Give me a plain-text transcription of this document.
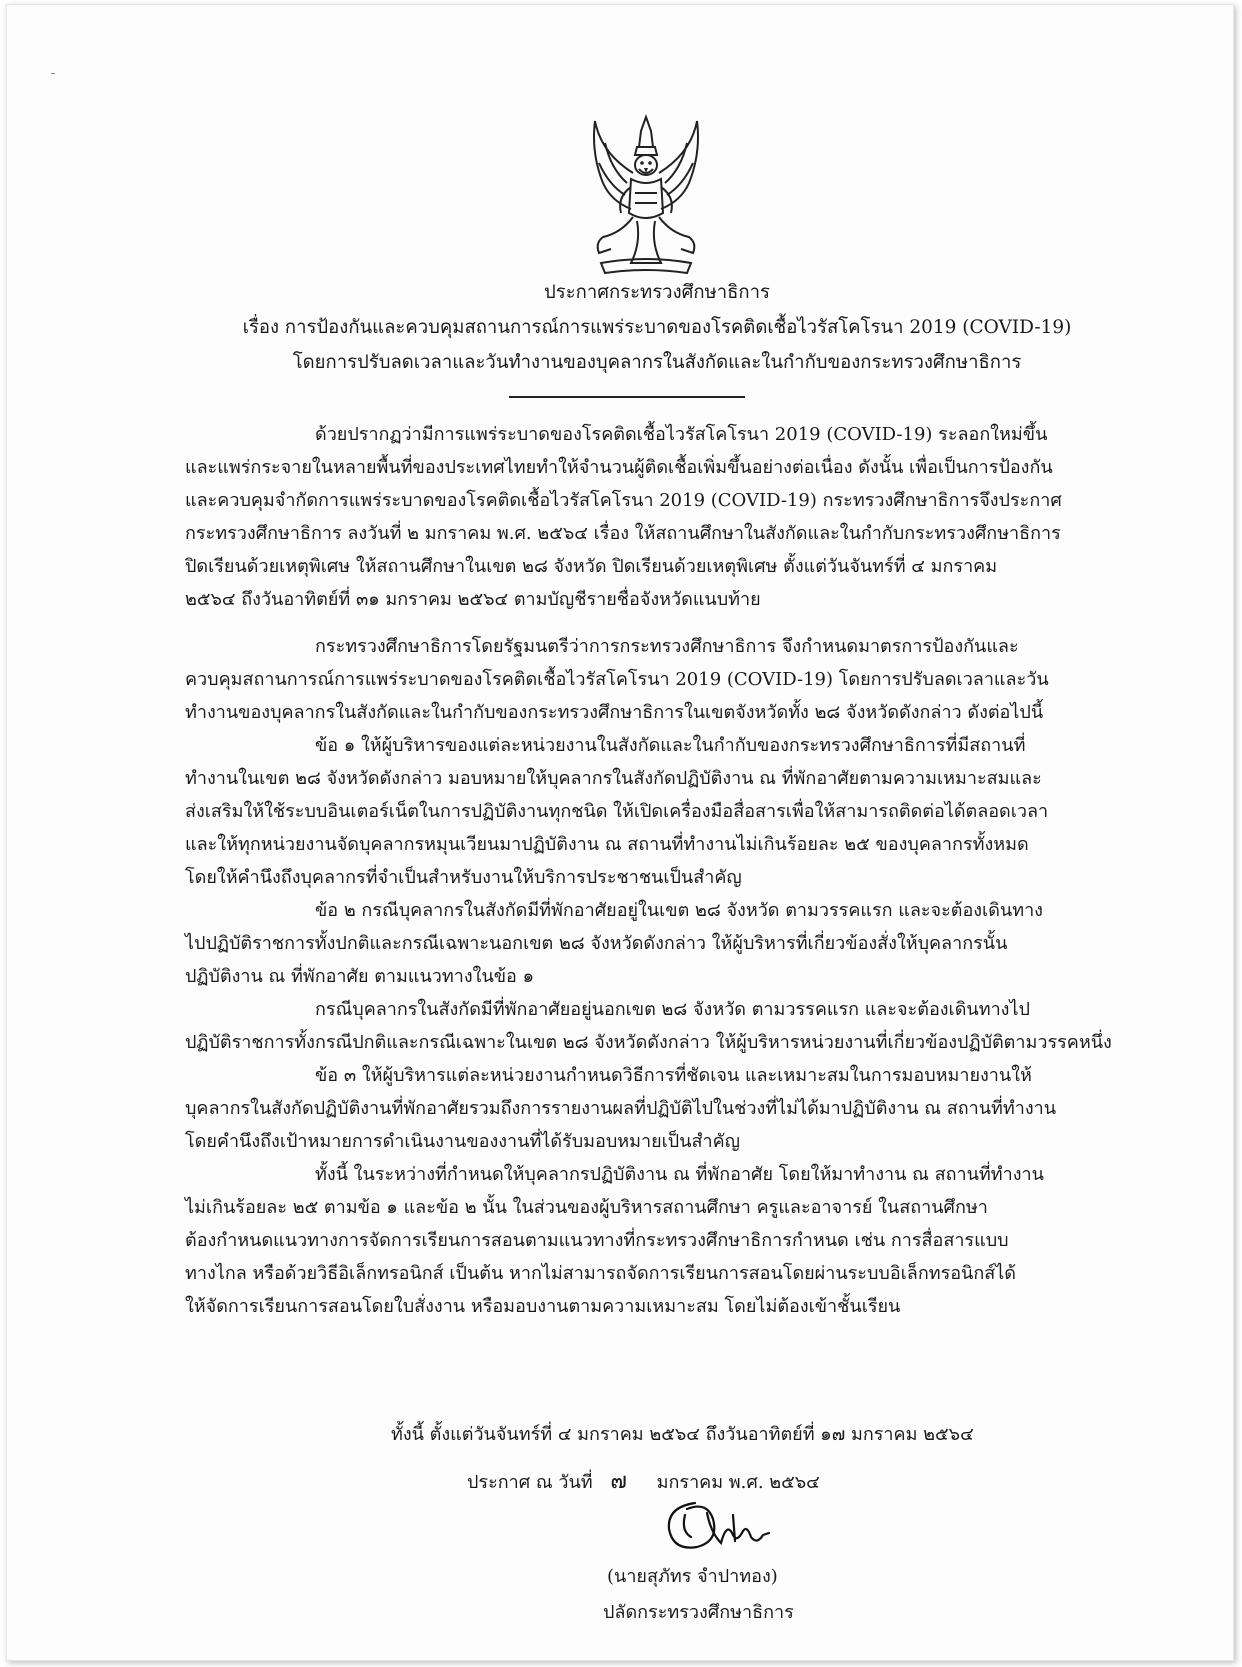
ประกาศกระทรวงศึกษาธิการ
เรื่อง การป้องกันและควบคุมสถานการณ์การแพร่ระบาดของโรคติดเชื้อไวรัสโคโรนา 2019 (COVID-19)
โดยการปรับลดเวลาและวันทำงานของบุคลากรในสังกัดและในกำกับของกระทรวงศึกษาธิการ
ด้วยปรากฏว่ามีการแพร่ระบาดของโรคติดเชื้อไวรัสโคโรนา 2019 (COVID-19) ระลอกใหม่ขึ้น
และแพร่กระจายในหลายพื้นที่ของประเทศไทยทำให้จำนวนผู้ติดเชื้อเพิ่มขึ้นอย่างต่อเนื่อง ดังนั้น เพื่อเป็นการป้องกัน
และควบคุมจำกัดการแพร่ระบาดของโรคติดเชื้อไวรัสโคโรนา 2019 (COVID-19) กระทรวงศึกษาธิการจึงประกาศ
กระทรวงศึกษาธิการ ลงวันที่ ๒ มกราคม พ.ศ. ๒๕๖๔ เรื่อง ให้สถานศึกษาในสังกัดและในกำกับกระทรวงศึกษาธิการ
ปิดเรียนด้วยเหตุพิเศษ ให้สถานศึกษาในเขต ๒๘ จังหวัด ปิดเรียนด้วยเหตุพิเศษ ตั้งแต่วันจันทร์ที่ ๔ มกราคม
๒๕๖๔ ถึงวันอาทิตย์ที่ ๓๑ มกราคม ๒๕๖๔ ตามบัญชีรายชื่อจังหวัดแนบท้าย
กระทรวงศึกษาธิการโดยรัฐมนตรีว่าการกระทรวงศึกษาธิการ จึงกำหนดมาตรการป้องกันและ
ควบคุมสถานการณ์การแพร่ระบาดของโรคติดเชื้อไวรัสโคโรนา 2019 (COVID-19) โดยการปรับลดเวลาและวัน
ทำงานของบุคลากรในสังกัดและในกำกับของกระทรวงศึกษาธิการในเขตจังหวัดทั้ง ๒๘ จังหวัดดังกล่าว ดังต่อไปนี้
ข้อ ๑ ให้ผู้บริหารของแต่ละหน่วยงานในสังกัดและในกำกับของกระทรวงศึกษาธิการที่มีสถานที่
ทำงานในเขต ๒๘ จังหวัดดังกล่าว มอบหมายให้บุคลากรในสังกัดปฏิบัติงาน ณ ที่พักอาศัยตามความเหมาะสมและ
ส่งเสริมให้ใช้ระบบอินเตอร์เน็ตในการปฏิบัติงานทุกชนิด ให้เปิดเครื่องมือสื่อสารเพื่อให้สามารถติดต่อได้ตลอดเวลา
และให้ทุกหน่วยงานจัดบุคลากรหมุนเวียนมาปฏิบัติงาน ณ สถานที่ทำงานไม่เกินร้อยละ ๒๕ ของบุคลากรทั้งหมด
โดยให้คำนึงถึงบุคลากรที่จำเป็นสำหรับงานให้บริการประชาชนเป็นสำคัญ
ข้อ ๒ กรณีบุคลากรในสังกัดมีที่พักอาศัยอยู่ในเขต ๒๘ จังหวัด ตามวรรคแรก และจะต้องเดินทาง
ไปปฏิบัติราชการทั้งปกติและกรณีเฉพาะนอกเขต ๒๘ จังหวัดดังกล่าว ให้ผู้บริหารที่เกี่ยวข้องสั่งให้บุคลากรนั้น
ปฏิบัติงาน ณ ที่พักอาศัย ตามแนวทางในข้อ ๑
กรณีบุคลากรในสังกัดมีที่พักอาศัยอยู่นอกเขต ๒๘ จังหวัด ตามวรรคแรก และจะต้องเดินทางไป
ปฏิบัติราชการทั้งกรณีปกติและกรณีเฉพาะในเขต ๒๘ จังหวัดดังกล่าว ให้ผู้บริหารหน่วยงานที่เกี่ยวข้องปฏิบัติตามวรรคหนึ่ง
ข้อ ๓ ให้ผู้บริหารแต่ละหน่วยงานกำหนดวิธีการที่ชัดเจน และเหมาะสมในการมอบหมายงานให้
บุคลากรในสังกัดปฏิบัติงานที่พักอาศัยรวมถึงการรายงานผลที่ปฏิบัติไปในช่วงที่ไม่ได้มาปฏิบัติงาน ณ สถานที่ทำงาน
โดยคำนึงถึงเป้าหมายการดำเนินงานของงานที่ได้รับมอบหมายเป็นสำคัญ
ทั้งนี้ ในระหว่างที่กำหนดให้บุคลากรปฏิบัติงาน ณ ที่พักอาศัย โดยให้มาทำงาน ณ สถานที่ทำงาน
ไม่เกินร้อยละ ๒๕ ตามข้อ ๑ และข้อ ๒ นั้น ในส่วนของผู้บริหารสถานศึกษา ครูและอาจารย์ ในสถานศึกษา
ต้องกำหนดแนวทางการจัดการเรียนการสอนตามแนวทางที่กระทรวงศึกษาธิการกำหนด เช่น การสื่อสารแบบ
ทางไกล หรือด้วยวิธีอิเล็กทรอนิกส์ เป็นต้น หากไม่สามารถจัดการเรียนการสอนโดยผ่านระบบอิเล็กทรอนิกส์ได้
ให้จัดการเรียนการสอนโดยใบสั่งงาน หรือมอบงานตามความเหมาะสม โดยไม่ต้องเข้าชั้นเรียน
ทั้งนี้ ตั้งแต่วันจันทร์ที่ ๔ มกราคม ๒๕๖๔ ถึงวันอาทิตย์ที่ ๑๗ มกราคม ๒๕๖๔
ประกาศ ณ วันที่ ๗ มกราคม พ.ศ. ๒๕๖๔
(นายสุภัทร จำปาทอง)
ปลัดกระทรวงศึกษาธิการ
